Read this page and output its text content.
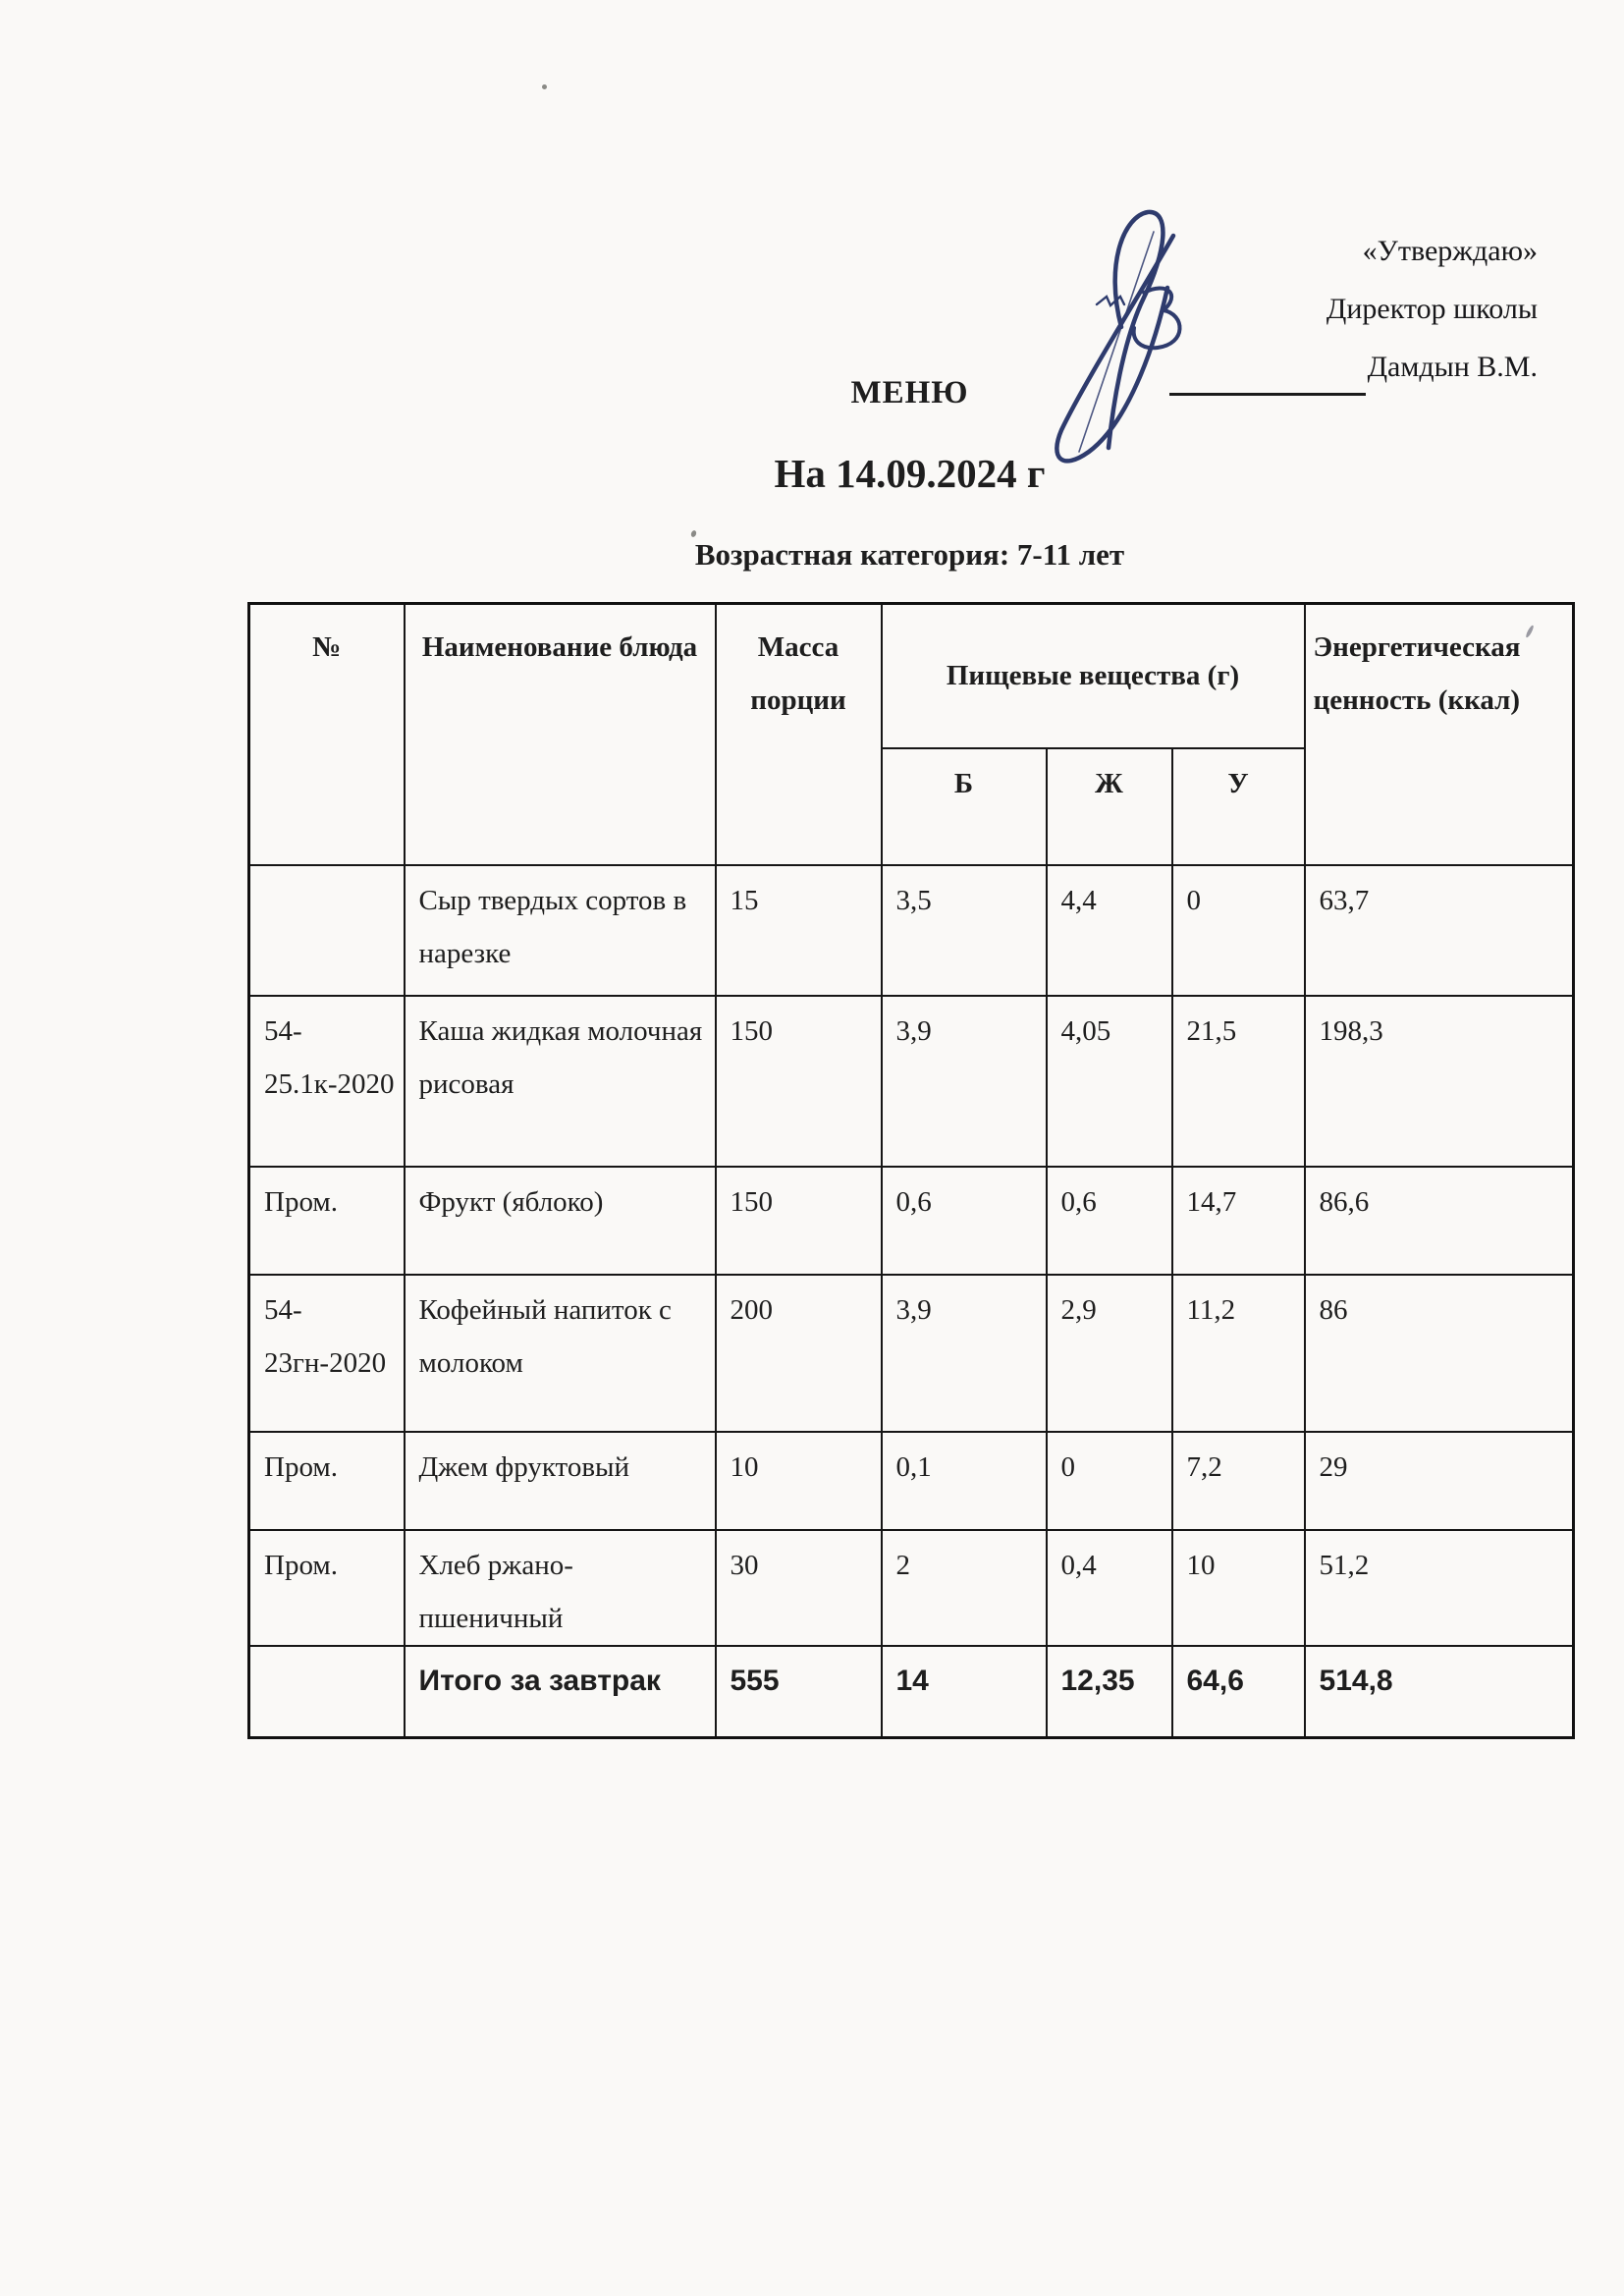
«Утверждаю»
Директор школы
Дамдын В.М.
МЕНЮ
На 14.09.2024 г
Возрастная категория: 7-11 лет
№	Наименование блюда	Масса порции	Пищевые вещества (г)			Энергетическая ценность (ккал)
			Б	Ж	У	
	Сыр твердых сортов в нарезке	15	3,5	4,4	0	63,7
54-25.1к-2020	Каша жидкая молочная рисовая	150	3,9	4,05	21,5	198,3
Пром.	Фрукт (яблоко)	150	0,6	0,6	14,7	86,6
54-23гн-2020	Кофейный напиток с молоком	200	3,9	2,9	11,2	86
Пром.	Джем фруктовый	10	0,1	0	7,2	29
Пром.	Хлеб ржано-пшеничный	30	2	0,4	10	51,2
	Итого за завтрак	555	14	12,35	64,6	514,8
